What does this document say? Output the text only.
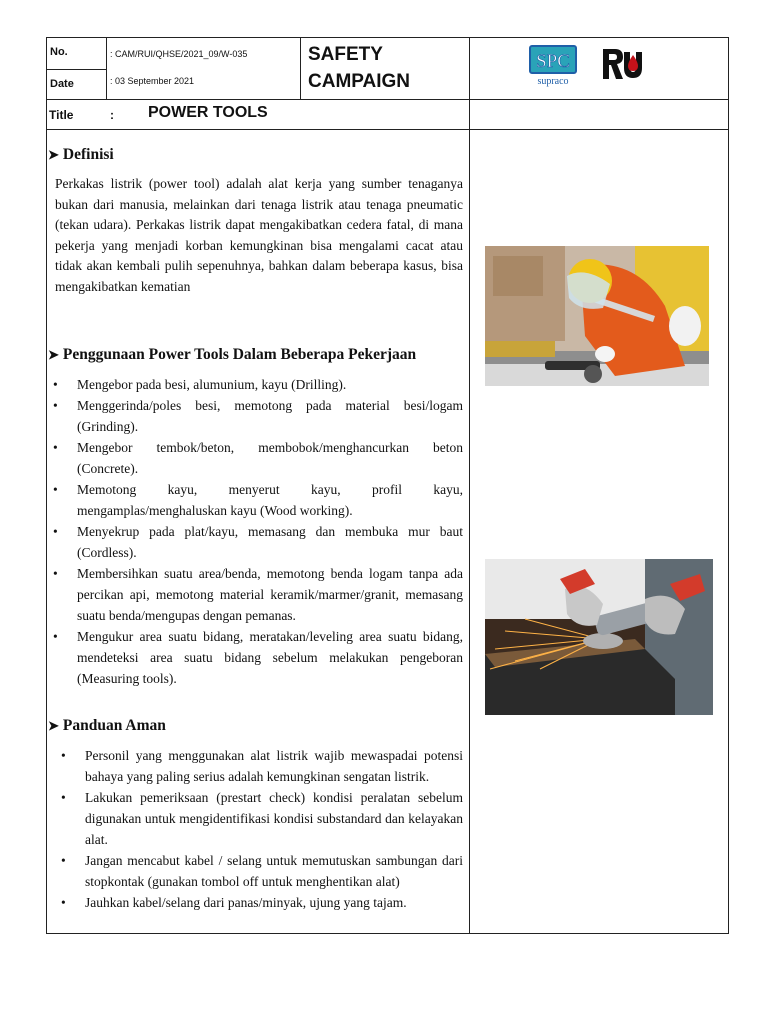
No.
Date
: CAM/RUI/QHSE/2021_09/W-035
: 03 September 2021
SAFETY
CAMPAIGN
SPC
supraco
Title	: POWER TOOLS
➤ Definisi

Perkakas listrik (power tool) adalah alat kerja yang sumber tenaganya bukan dari manusia, melainkan dari tenaga listrik atau tenaga pneumatic (tekan udara). Perkakas listrik dapat mengakibatkan cedera fatal, di mana pekerja yang menjadi korban kemungkinan bisa mengalami cacat atau tidak akan kembali pulih sepenuhnya, bahkan dalam beberapa kasus, bisa mengakibatkan kematian

➤ Penggunaan Power Tools Dalam Beberapa Pekerjaan
• Mengebor pada besi, alumunium, kayu (Drilling).
• Menggerinda/poles besi, memotong pada material besi/logam (Grinding).
• Mengebor tembok/beton, membobok/menghancurkan beton (Concrete).
• Memotong kayu, menyerut kayu, profil kayu, mengamplas/menghaluskan kayu (Wood working).
• Menyekrup pada plat/kayu, memasang dan membuka mur baut (Cordless).
• Membersihkan suatu area/benda, memotong benda logam tanpa ada percikan api, memotong material keramik/marmer/granit, memasang suatu benda/mengupas dengan pemanas.
• Mengukur area suatu bidang, meratakan/leveling area suatu bidang, mendeteksi area suatu bidang sebelum melakukan pengeboran (Measuring tools).
➤ Panduan Aman
• Personil yang menggunakan alat listrik wajib mewaspadai potensi bahaya yang paling serius adalah kemungkinan sengatan listrik.
• Lakukan pemeriksaan (prestart check) kondisi peralatan sebelum digunakan untuk mengidentifikasi kondisi substandard dan kelayakan alat.
• Jangan mencabut kabel / selang untuk memutuskan sambungan dari stopkontak (gunakan tombol off untuk menghentikan alat)
• Jauhkan kabel/selang dari panas/minyak, ujung yang tajam.
